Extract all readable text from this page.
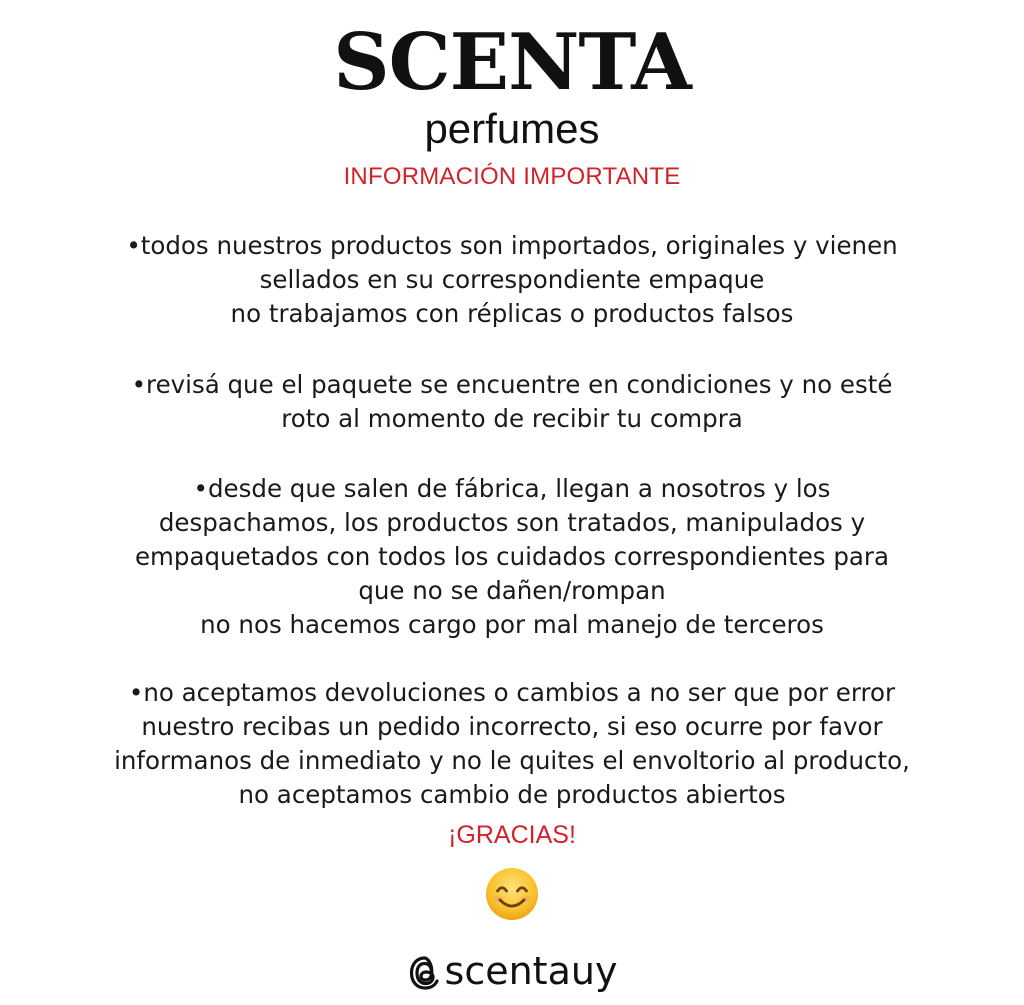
SCENTA
perfumes
INFORMACIÓN IMPORTANTE
•todos nuestros productos son importados, originales y vienen
sellados en su correspondiente empaque
no trabajamos con réplicas o productos falsos
•revisá que el paquete se encuentre en condiciones y no esté
roto al momento de recibir tu compra
•desde que salen de fábrica, llegan a nosotros y los
despachamos, los productos son tratados, manipulados y
empaquetados con todos los cuidados correspondientes para
que no se dañen/rompan
no nos hacemos cargo por mal manejo de terceros
•no aceptamos devoluciones o cambios a no ser que por error
nuestro recibas un pedido incorrecto, si eso ocurre por favor
informanos de inmediato y no le quites el envoltorio al producto,
no aceptamos cambio de productos abiertos
¡GRACIAS!
scentauy
